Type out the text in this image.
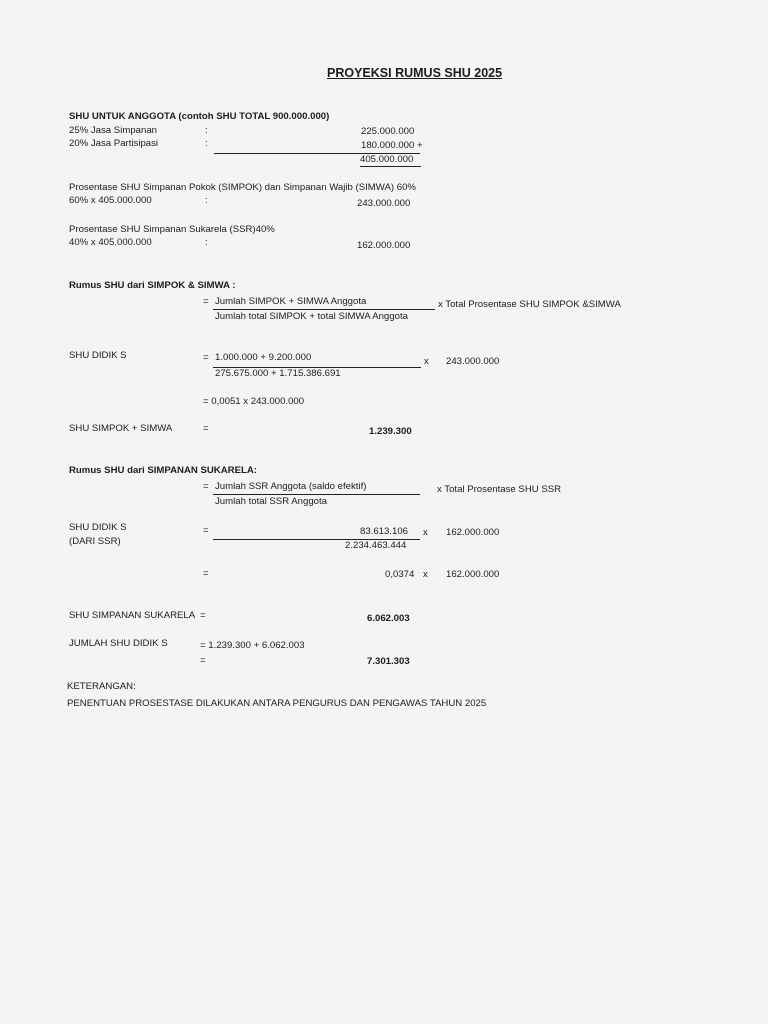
PROYEKSI RUMUS SHU 2025
SHU UNTUK ANGGOTA (contoh SHU TOTAL 900.000.000)
25% Jasa Simpanan	:	225.000.000
20% Jasa Partisipasi	:	180.000.000 +
405.000.000
Prosentase SHU Simpanan Pokok (SIMPOK) dan Simpanan Wajib (SIMWA) 60%
60% x 405.000.000	:	243.000.000
Prosentase SHU Simpanan Sukarela (SSR)40%
40% x 405.000.000	:	162.000.000
Rumus SHU dari SIMPOK & SIMWA :
= Jumlah SIMPOK + SIMWA Anggota
Jumlah total SIMPOK + total SIMWA Anggota
x Total Prosentase SHU SIMPOK &SIMWA
SHU DIDIK S	= 1.000.000 + 9.200.000
275.675.000 + 1.715.386.691
x 243.000.000
= 0,0051 x 243.000.000
SHU SIMPOK + SIMWA	=	1.239.300
Rumus SHU dari SIMPANAN SUKARELA:
= Jumlah SSR Anggota (saldo efektif)
Jumlah total SSR Anggota
x Total Prosentase SHU SSR
SHU DIDIK S
(DARI SSR)
=	83.613.106 x 162.000.000
2.234.463.444
=	0,0374 x 162.000.000
SHU SIMPANAN SUKARELA =	6.062.003
JUMLAH SHU DIDIK S	= 1.239.300 + 6.062.003
=	7.301.303
KETERANGAN:
PENENTUAN PROSESTASE DILAKUKAN ANTARA PENGURUS DAN PENGAWAS TAHUN 2025
